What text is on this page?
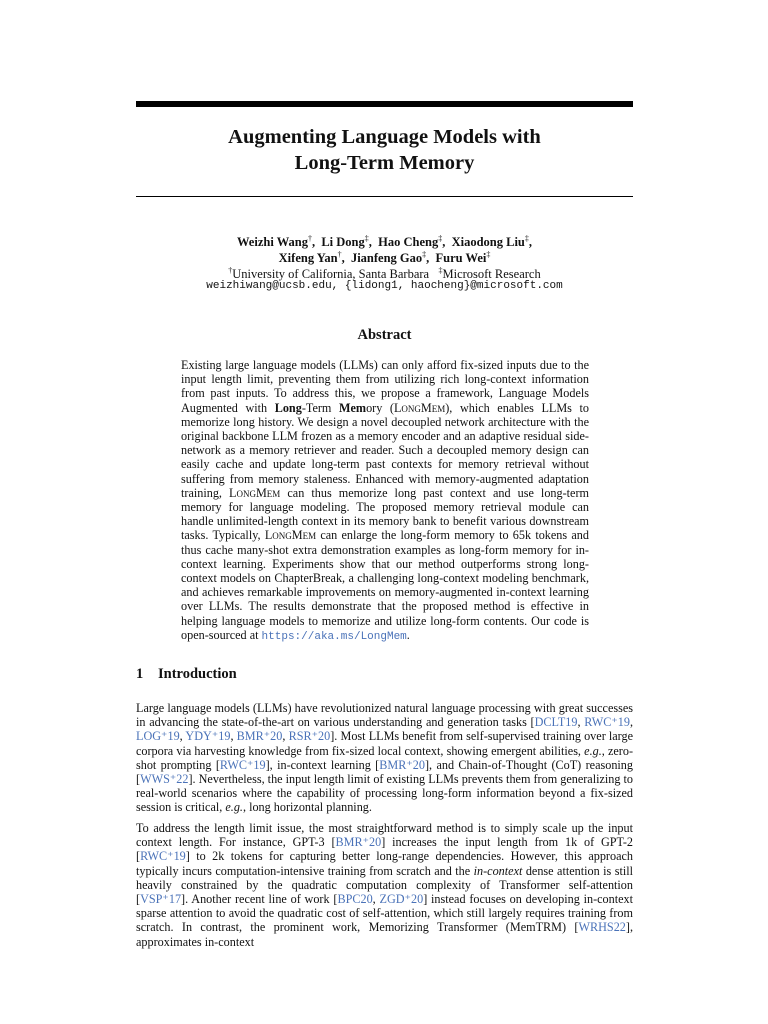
Augmenting Language Models with
Long-Term Memory
Weizhi Wang†,  Li Dong‡,  Hao Cheng‡,  Xiaodong Liu‡,
Xifeng Yan†,  Jianfeng Gao‡,  Furu Wei‡
†University of California, Santa Barbara ‡Microsoft Research
weizhiwang@ucsb.edu, {lidong1, haocheng}@microsoft.com
Abstract
Existing large language models (LLMs) can only afford fix-sized inputs due to the input length limit, preventing them from utilizing rich long-context information from past inputs. To address this, we propose a framework, Language Models Augmented with Long-Term Memory (LongMem), which enables LLMs to memorize long history. We design a novel decoupled network architecture with the original backbone LLM frozen as a memory encoder and an adaptive residual side-network as a memory retriever and reader. Such a decoupled memory design can easily cache and update long-term past contexts for memory retrieval without suffering from memory staleness. Enhanced with memory-augmented adaptation training, LongMem can thus memorize long past context and use long-term memory for language modeling. The proposed memory retrieval module can handle unlimited-length context in its memory bank to benefit various downstream tasks. Typically, LongMem can enlarge the long-form memory to 65k tokens and thus cache many-shot extra demonstration examples as long-form memory for in-context learning. Experiments show that our method outperforms strong long-context models on ChapterBreak, a challenging long-context modeling benchmark, and achieves remarkable improvements on memory-augmented in-context learning over LLMs. The results demonstrate that the proposed method is effective in helping language models to memorize and utilize long-form contents. Our code is open-sourced at https://aka.ms/LongMem.
1 Introduction
Large language models (LLMs) have revolutionized natural language processing with great successes in advancing the state-of-the-art on various understanding and generation tasks [DCLT19, RWC⁺19, LOG⁺19, YDY⁺19, BMR⁺20, RSR⁺20]. Most LLMs benefit from self-supervised training over large corpora via harvesting knowledge from fix-sized local context, showing emergent abilities, e.g., zero-shot prompting [RWC⁺19], in-context learning [BMR⁺20], and Chain-of-Thought (CoT) reasoning [WWS⁺22]. Nevertheless, the input length limit of existing LLMs prevents them from generalizing to real-world scenarios where the capability of processing long-form information beyond a fix-sized session is critical, e.g., long horizontal planning.
To address the length limit issue, the most straightforward method is to simply scale up the input context length. For instance, GPT-3 [BMR⁺20] increases the input length from 1k of GPT-2 [RWC⁺19] to 2k tokens for capturing better long-range dependencies. However, this approach typically incurs computation-intensive training from scratch and the in-context dense attention is still heavily constrained by the quadratic computation complexity of Transformer self-attention [VSP⁺17]. Another recent line of work [BPC20, ZGD⁺20] instead focuses on developing in-context sparse attention to avoid the quadratic cost of self-attention, which still largely requires training from scratch. In contrast, the prominent work, Memorizing Transformer (MemTRM) [WRHS22], approximates in-context
